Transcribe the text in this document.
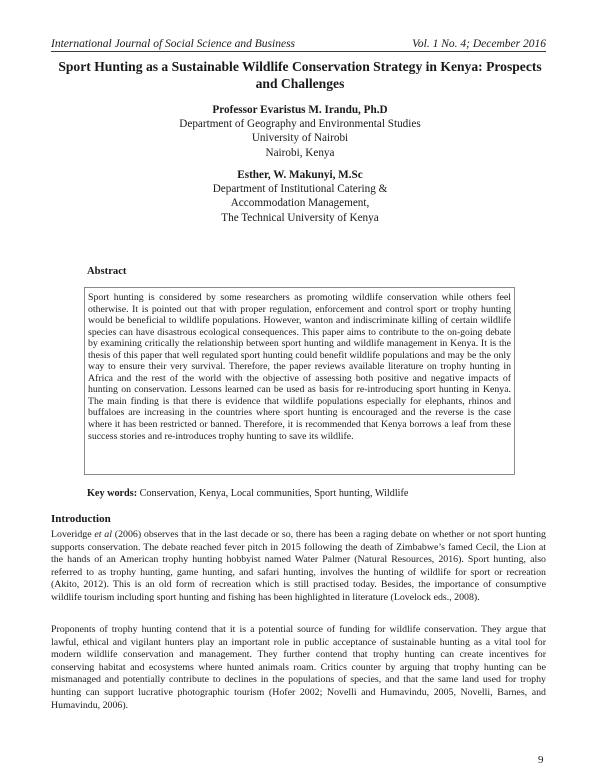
International Journal of Social Science and Business	Vol. 1 No. 4; December 2016
Sport Hunting as a Sustainable Wildlife Conservation Strategy in Kenya: Prospects
and Challenges
Professor Evaristus M. Irandu, Ph.D
Department of Geography and Environmental Studies
University of Nairobi
Nairobi, Kenya
Esther, W. Makunyi, M.Sc
Department of Institutional Catering &
Accommodation Management,
The Technical University of Kenya
Abstract
Sport hunting is considered by some researchers as promoting wildlife conservation while others feel otherwise. It is pointed out that with proper regulation, enforcement and control sport or trophy hunting would be beneficial to wildlife populations. However, wanton and indiscriminate killing of certain wildlife species can have disastrous ecological consequences. This paper aims to contribute to the on-going debate by examining critically the relationship between sport hunting and wildlife management in Kenya. It is the thesis of this paper that well regulated sport hunting could benefit wildlife populations and may be the only way to ensure their very survival. Therefore, the paper reviews available literature on trophy hunting in Africa and the rest of the world with the objective of assessing both positive and negative impacts of hunting on conservation. Lessons learned can be used as basis for re-introducing sport hunting in Kenya. The main finding is that there is evidence that wildlife populations especially for elephants, rhinos and buffaloes are increasing in the countries where sport hunting is encouraged and the reverse is the case where it has been restricted or banned. Therefore, it is recommended that Kenya borrows a leaf from these success stories and re-introduces trophy hunting to save its wildlife.
Key words: Conservation, Kenya, Local communities, Sport hunting, Wildlife
Introduction
Loveridge et al (2006) observes that in the last decade or so, there has been a raging debate on whether or not sport hunting supports conservation. The debate reached fever pitch in 2015 following the death of Zimbabwe’s famed Cecil, the Lion at the hands of an American trophy hunting hobbyist named Water Palmer (Natural Resources, 2016). Sport hunting, also referred to as trophy hunting, game hunting, and safari hunting, involves the hunting of wildlife for sport or recreation (Akito, 2012). This is an old form of recreation which is still practised today. Besides, the importance of consumptive wildlife tourism including sport hunting and fishing has been highlighted in literature (Lovelock eds., 2008).
Proponents of trophy hunting contend that it is a potential source of funding for wildlife conservation. They argue that lawful, ethical and vigilant hunters play an important role in public acceptance of sustainable hunting as a vital tool for modern wildlife conservation and management. They further contend that trophy hunting can create incentives for conserving habitat and ecosystems where hunted animals roam. Critics counter by arguing that trophy hunting can be mismanaged and potentially contribute to declines in the populations of species, and that the same land used for trophy hunting can support lucrative photographic tourism (Hofer 2002; Novelli and Humavindu, 2005, Novelli, Barnes, and Humavindu, 2006).
9
